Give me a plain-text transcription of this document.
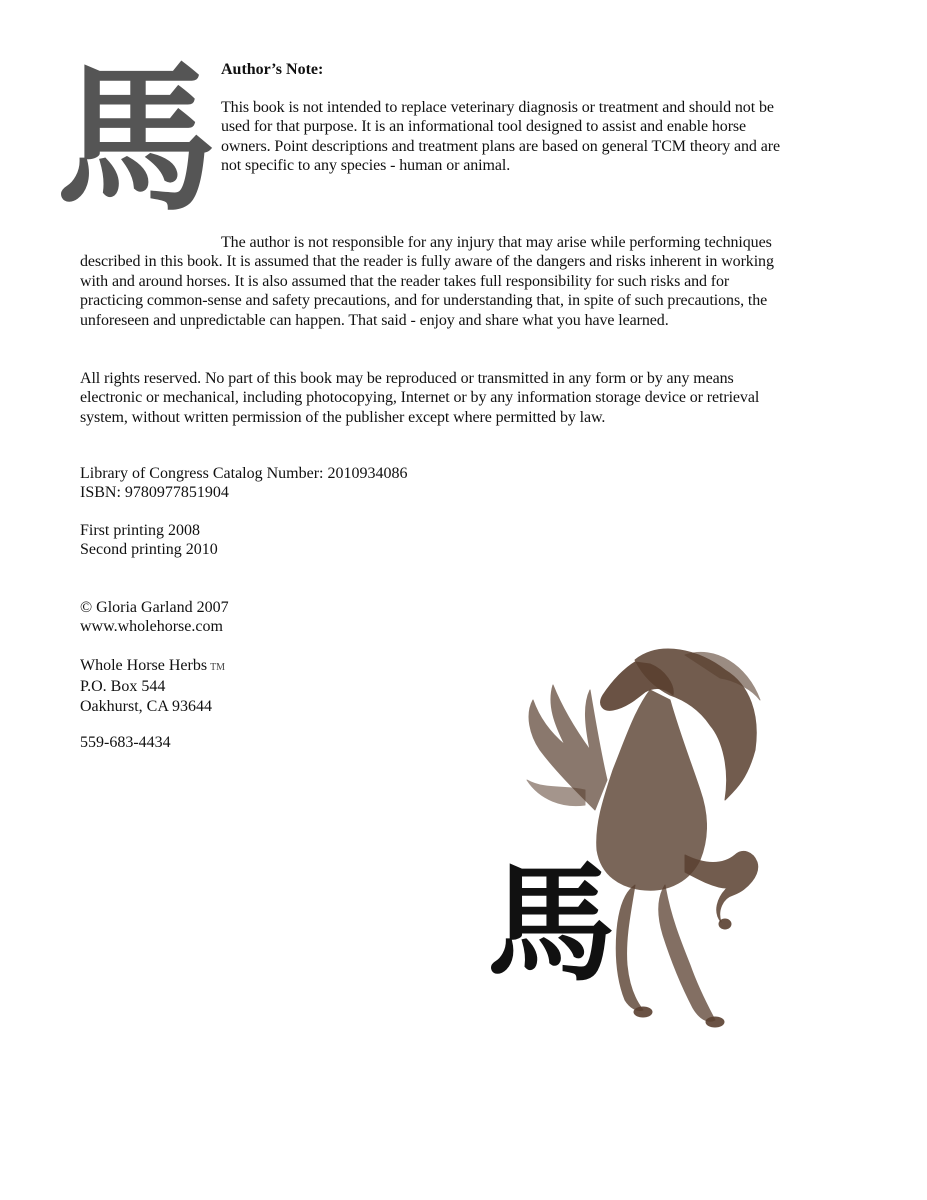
馬 Author’s Note:

This book is not intended to replace veterinary diagnosis or treatment and should not be used for that purpose. It is an informational tool designed to assist and enable horse owners. Point descriptions and treatment plans are based on general TCM theory and are not specific to any species - human or animal.

The author is not responsible for any injury that may arise while performing techniques described in this book. It is assumed that the reader is fully aware of the dangers and risks inherent in working with and around horses. It is also assumed that the reader takes full responsibility for such risks and for practicing common-sense and safety precautions, and for understanding that, in spite of such precautions, the unforeseen and unpredictable can happen. That said - enjoy and share what you have learned.

All rights reserved. No part of this book may be reproduced or transmitted in any form or by any means electronic or mechanical, including photocopying, Internet or by any information storage device or retrieval system, without written permission of the publisher except where permitted by law.

Library of Congress Catalog Number: 2010934086
ISBN: 9780977851904
First printing 2008
Second printing 2010
© Gloria Garland 2007
www.wholehorse.com
Whole Horse Herbs TM
P.O. Box 544
Oakhurst, CA 93644
559-683-4434
馬
